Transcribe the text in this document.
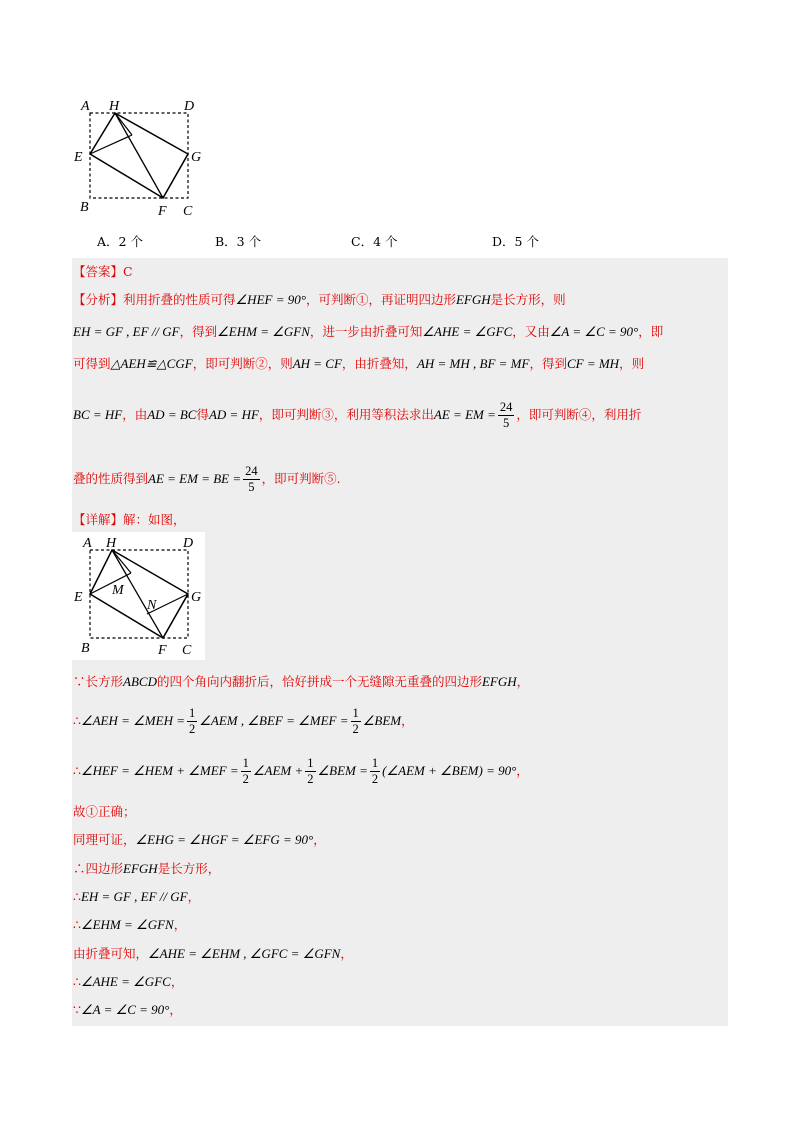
A H	D
E	G
B	F C
A．2 个	B．3 个	C．4 个	D．5 个
【答案】C
【分析】利用折叠的性质可得∠HEF = 90°，可判断①，再证明四边形EFGH是长方形，则
EH = GF , EF // GF，得到∠EHM = ∠GFN，进一步由折叠可知∠AHE = ∠GFC，又由∠A = ∠C = 90°，即
可得到△AEH≌△CGF，即可判断②，则AH = CF，由折叠知，AH = MH , BF = MF，得到CF = MH，则
BC = HF，由AD = BC得AD = HF，即可判断③，利用等积法求出AE = EM = $\frac{24}{5}$ ，即可判断④，利用折
叠的性质得到AE = EM = BE = $\frac{24}{5}$ ，即可判断⑤.
【详解】解：如图，
A H	D
E	G
B	F C
M
N
∵长方形ABCD的四个角向内翻折后，恰好拼成一个无缝隙无重叠的四边形EFGH，
∴∠AEH = ∠MEH = $\frac{1}{2}$ ∠AEM , ∠BEF = ∠MEF = $\frac{1}{2}$ ∠BEM，
∴∠HEF = ∠HEM + ∠MEF = $\frac{1}{2}$ ∠AEM + $\frac{1}{2}$ ∠BEM = $\frac{1}{2}$ (∠AEM + ∠BEM) = 90°，
故①正确；
同理可证，∠EHG = ∠HGF = ∠EFG = 90°，
∴四边形EFGH是长方形，
∴EH = GF , EF // GF，
∴∠EHM = ∠GFN，
由折叠可知，∠AHE = ∠EHM , ∠GFC = ∠GFN，
∴∠AHE = ∠GFC，
∵∠A = ∠C = 90°，
